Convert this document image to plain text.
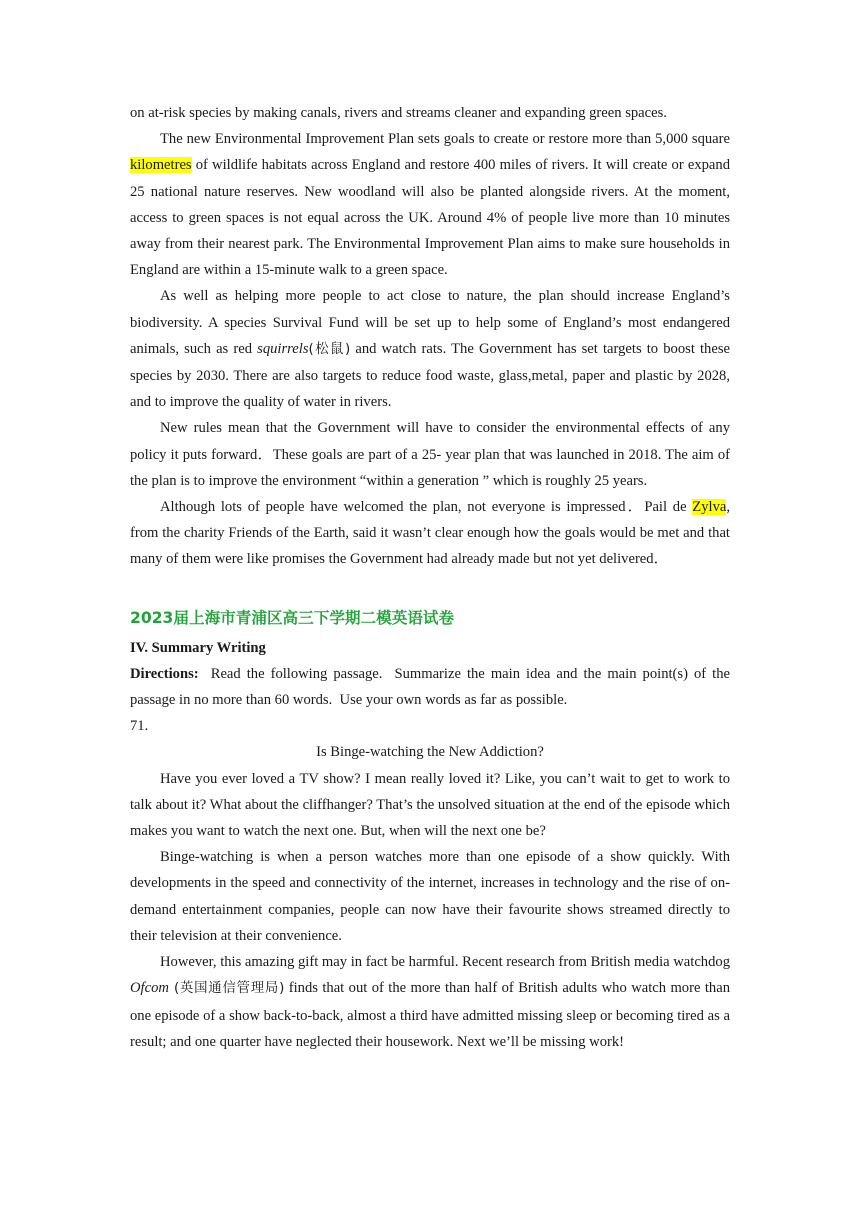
on at-risk species by making canals, rivers and streams cleaner and expanding green spaces.

The new Environmental Improvement Plan sets goals to create or restore more than 5,000 square kilometres of wildlife habitats across England and restore 400 miles of rivers. It will create or expand 25 national nature reserves. New woodland will also be planted alongside rivers. At the moment, access to green spaces is not equal across the UK. Around 4% of people live more than 10 minutes away from their nearest park. The Environmental Improvement Plan aims to make sure households in England are within a 15-minute walk to a green space.

As well as helping more people to act close to nature, the plan should increase England’s biodiversity. A species Survival Fund will be set up to help some of England’s most endangered animals, such as red squirrels(松鼠) and watch rats. The Government has set targets to boost these species by 2030. There are also targets to reduce food waste, glass,metal, paper and plastic by 2028, and to improve the quality of water in rivers.

New rules mean that the Government will have to consider the environmental effects of any policy it puts forward．These goals are part of a 25- year plan that was launched in 2018. The aim of the plan is to improve the environment “within a generation ” which is roughly 25 years.

Although lots of people have welcomed the plan, not everyone is impressed．Pail de Zylva, from the charity Friends of the Earth, said it wasn’t clear enough how the goals would be met and that many of them were like promises the Government had already made but not yet delivered．

2023届上海市青浦区高三下学期二模英语试卷

IV. Summary Writing

Directions:  Read the following passage.  Summarize the main idea and the main point(s) of the passage in no more than 60 words.  Use your own words as far as possible.

71.

Is Binge-watching the New Addiction?

Have you ever loved a TV show? I mean really loved it? Like, you can’t wait to get to work to talk about it? What about the cliffhanger? That’s the unsolved situation at the end of the episode which makes you want to watch the next one. But, when will the next one be?

Binge-watching is when a person watches more than one episode of a show quickly. With developments in the speed and connectivity of the internet, increases in technology and the rise of on-demand entertainment companies, people can now have their favourite shows streamed directly to their television at their convenience.

However, this amazing gift may in fact be harmful. Recent research from British media watchdog Ofcom (英国通信管理局) finds that out of the more than half of British adults who watch more than one episode of a show back-to-back, almost a third have admitted missing sleep or becoming tired as a result; and one quarter have neglected their housework. Next we’ll be missing work!
